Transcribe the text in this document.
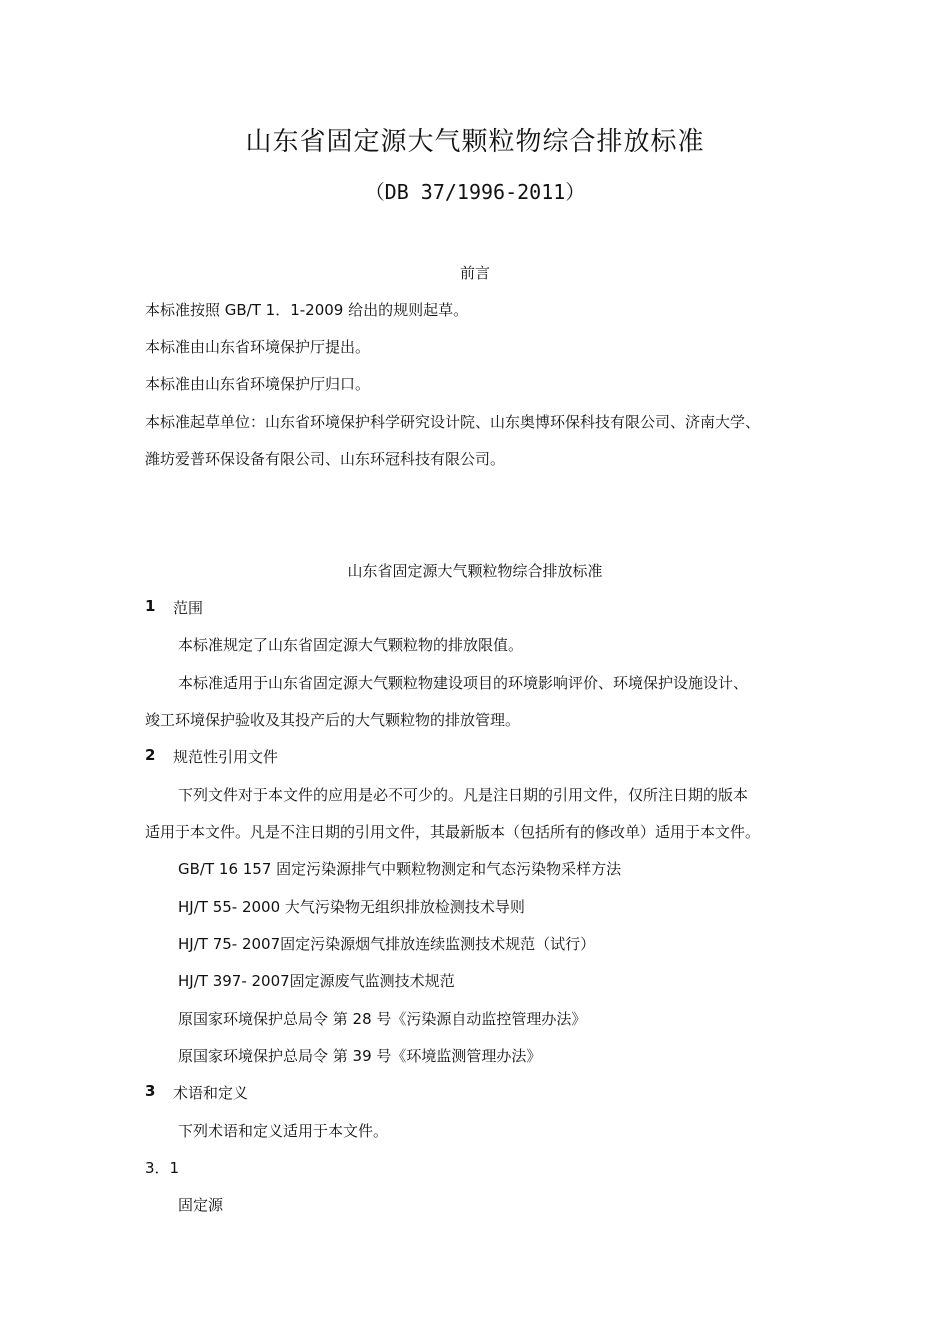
山东省固定源大气颗粒物综合排放标准
（DB 37/1996-2011）
前言
本标准按照 GB/T 1．1-2009 给出的规则起草。
本标准由山东省环境保护厅提出。
本标准由山东省环境保护厅归口。
本标准起草单位：山东省环境保护科学研究设计院、山东奥博环保科技有限公司、济南大学、
潍坊爱普环保设备有限公司、山东环冠科技有限公司。
山东省固定源大气颗粒物综合排放标准
1 范围
本标准规定了山东省固定源大气颗粒物的排放限值。
本标准适用于山东省固定源大气颗粒物建设项目的环境影响评价、环境保护设施设计、
竣工环境保护验收及其投产后的大气颗粒物的排放管理。
2 规范性引用文件
下列文件对于本文件的应用是必不可少的。凡是注日期的引用文件，仅所注日期的版本
适用于本文件。凡是不注日期的引用文件，其最新版本（包括所有的修改单）适用于本文件。
GB/T 16 157 固定污染源排气中颗粒物测定和气态污染物采样方法
HJ/T 55- 2000 大气污染物无组织排放检测技术导则
HJ/T 75- 2007固定污染源烟气排放连续监测技术规范（试行）
HJ/T 397- 2007固定源废气监测技术规范
原国家环境保护总局令 第 28 号《污染源自动监控管理办法》
原国家环境保护总局令 第 39 号《环境监测管理办法》
3 术语和定义
下列术语和定义适用于本文件。
3．1
固定源
